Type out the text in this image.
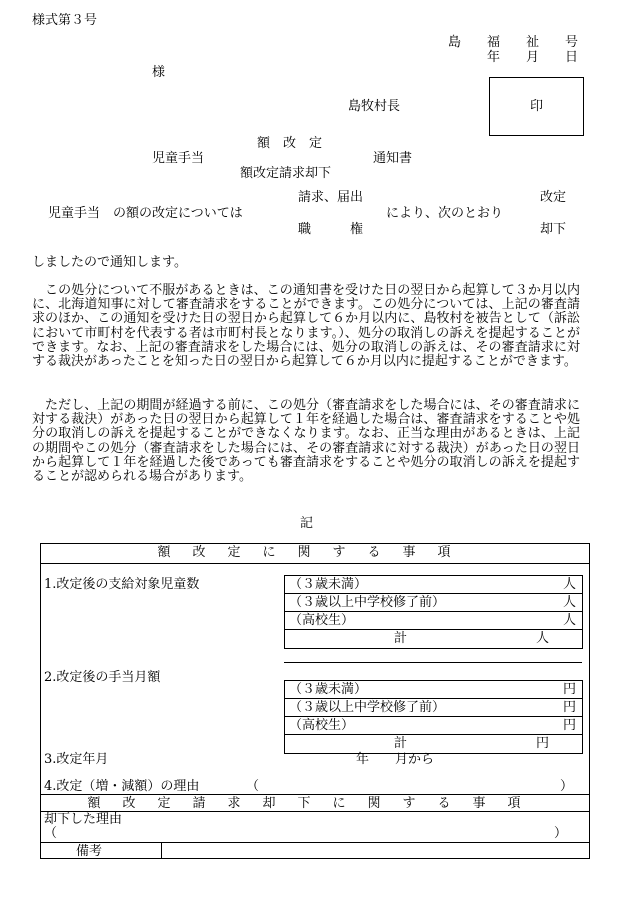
様式第３号
島　　福　　祉　　号
年　　月　　日
様
島牧村長	印
額　改　定
児童手当	通知書
額改定請求却下
請求、届出	改定
児童手当　の額の改定については	により、次のとおり
職　　　権	却下
しましたので通知します。
　この処分について不服があるときは、この通知書を受けた日の翌日から起算して３か月以内に、北海道知事に対して審査請求をすることができます。この処分については、上記の審査請求のほか、この通知を受けた日の翌日から起算して６か月以内に、島牧村を被告として（訴訟において市町村を代表する者は市町村長となります。）、処分の取消しの訴えを提起することができます。なお、上記の審査請求をした場合には、処分の取消しの訴えは、その審査請求に対する裁決があったことを知った日の翌日から起算して６か月以内に提起することができます。
　ただし、上記の期間が経過する前に、この処分（審査請求をした場合には、その審査請求に対する裁決）があった日の翌日から起算して１年を経過した場合は、審査請求をすることや処分の取消しの訴えを提起することができなくなります。なお、正当な理由があるときは、上記の期間やこの処分（審査請求をした場合には、その審査請求に対する裁決）があった日の翌日から起算して１年を経過した後であっても審査請求をすることや処分の取消しの訴えを提起することが認められる場合があります。
記
額改定に関する事項
1.改定後の支給対象児童数	（３歳未満）	人
（３歳以上中学校修了前）	人
（高校生）	人
計	人
2.改定後の手当月額
（３歳未満）	円
（３歳以上中学校修了前）	円
（高校生）	円
計	円
3.改定年月	年　　月から
4.改定（増・減額）の理由	（	）
額改定請求却下に関する事項
却下した理由
（	）
備考
